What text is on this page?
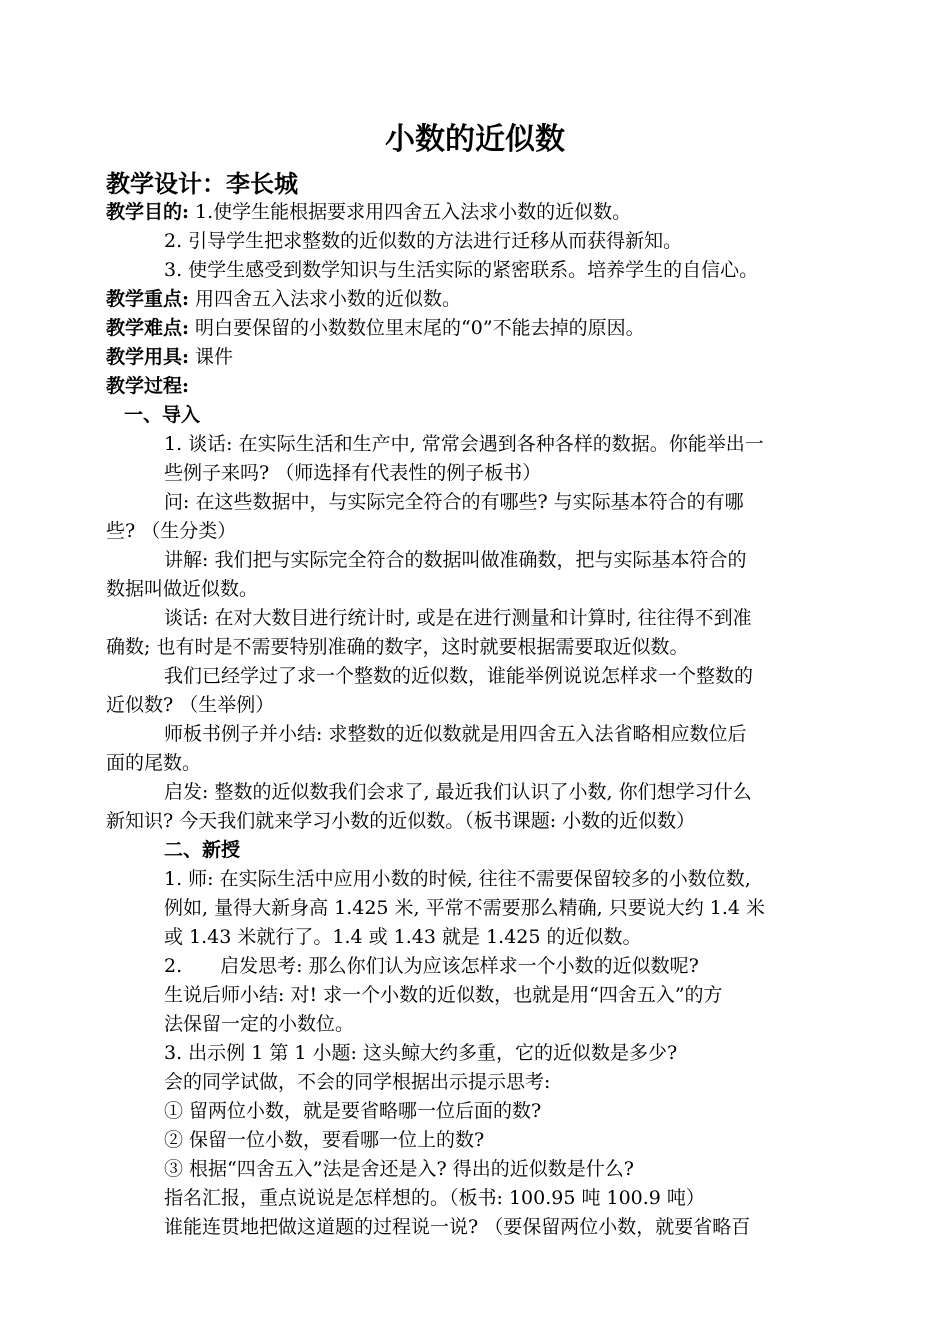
小数的近似数
教学设计：李长城
教学目的: 1.使学生能根据要求用四舍五入法求小数的近似数。
2. 引导学生把求整数的近似数的方法进行迁移从而获得新知。
3. 使学生感受到数学知识与生活实际的紧密联系。培养学生的自信心。
教学重点: 用四舍五入法求小数的近似数。
教学难点: 明白要保留的小数数位里末尾的“0”不能去掉的原因。
教学用具: 课件
教学过程:
一、导入
1. 谈话: 在实际生活和生产中, 常常会遇到各种各样的数据。你能举出一
些例子来吗? （师选择有代表性的例子板书）
问: 在这些数据中，与实际完全符合的有哪些? 与实际基本符合的有哪
些? （生分类）
讲解: 我们把与实际完全符合的数据叫做准确数，把与实际基本符合的
数据叫做近似数。
谈话: 在对大数目进行统计时, 或是在进行测量和计算时, 往往得不到准
确数; 也有时是不需要特别准确的数字，这时就要根据需要取近似数。
我们已经学过了求一个整数的近似数，谁能举例说说怎样求一个整数的
近似数? （生举例）
师板书例子并小结: 求整数的近似数就是用四舍五入法省略相应数位后
面的尾数。
启发: 整数的近似数我们会求了, 最近我们认识了小数, 你们想学习什么
新知识? 今天我们就来学习小数的近似数。（板书课题: 小数的近似数）
二、新授
1. 师: 在实际生活中应用小数的时候, 往往不需要保留较多的小数位数,
例如, 量得大新身高 1.425 米, 平常不需要那么精确, 只要说大约 1.4 米
或 1.43 米就行了。1.4 或 1.43 就是 1.425 的近似数。
2.　　启发思考: 那么你们认为应该怎样求一个小数的近似数呢?
生说后师小结: 对! 求一个小数的近似数，也就是用“四舍五入”的方
法保留一定的小数位。
3. 出示例 1 第 1 小题: 这头鲸大约多重，它的近似数是多少?
会的同学试做，不会的同学根据出示提示思考:
① 留两位小数，就是要省略哪一位后面的数?
② 保留一位小数，要看哪一位上的数?
③ 根据“四舍五入”法是舍还是入? 得出的近似数是什么?
指名汇报，重点说说是怎样想的。（板书: 100.95 吨 100.9 吨）
谁能连贯地把做这道题的过程说一说? （要保留两位小数，就要省略百
